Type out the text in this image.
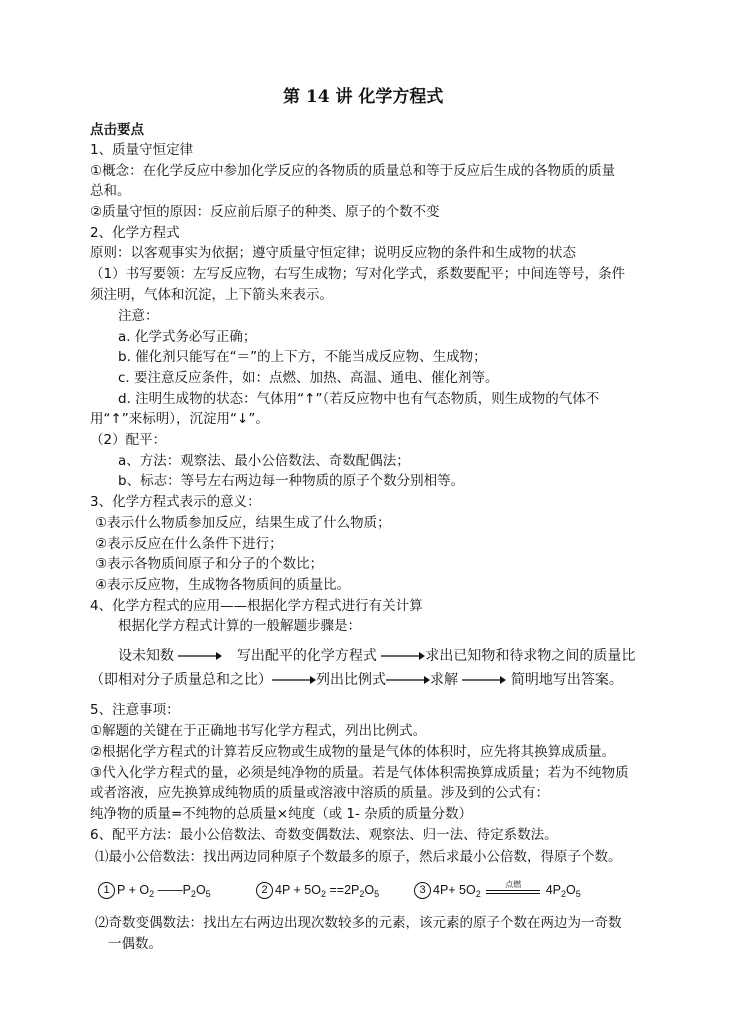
第 14 讲 化学方程式
点击要点
1、质量守恒定律
①概念：在化学反应中参加化学反应的各物质的质量总和等于反应后生成的各物质的质量
总和。
②质量守恒的原因：反应前后原子的种类、原子的个数不变
2、化学方程式
原则：以客观事实为依据；遵守质量守恒定律；说明反应物的条件和生成物的状态
（1）书写要领：左写反应物，右写生成物；写对化学式，系数要配平；中间连等号，条件
须注明，气体和沉淀，上下箭头来表示。
注意：
a. 化学式务必写正确；
b. 催化剂只能写在“＝”的上下方，不能当成反应物、生成物；
c. 要注意反应条件，如：点燃、加热、高温、通电、催化剂等。
d. 注明生成物的状态：气体用“↑”（若反应物中也有气态物质，则生成物的气体不
用“↑”来标明），沉淀用“↓”。
（2）配平：
a、方法：观察法、最小公倍数法、奇数配偶法；
b、标志：等号左右两边每一种物质的原子个数分别相等。
3、化学方程式表示的意义：
①表示什么物质参加反应，结果生成了什么物质；
②表示反应在什么条件下进行；
③表示各物质间原子和分子的个数比；
④表示反应物，生成物各物质间的质量比。
4、化学方程式的应用——根据化学方程式进行有关计算
根据化学方程式计算的一般解题步骤是：
设未知数	写出配平的化学方程式	求出已知物和待求物之间的质量比
（即相对分子质量总和之比）	列出比例式	求解	简明地写出答案。
5、注意事项：
①解题的关键在于正确地书写化学方程式，列出比例式。
②根据化学方程式的计算若反应物或生成物的量是气体的体积时，应先将其换算成质量。
③代入化学方程式的量，必须是纯净物的质量。若是气体体积需换算成质量；若为不纯物质
或者溶液，应先换算成纯物质的质量或溶液中溶质的质量。涉及到的公式有：
纯净物的质量=不纯物的总质量×纯度（或 1- 杂质的质量分数）
6、配平方法：最小公倍数法、奇数变偶数法、观察法、归一法、待定系数法。
⑴最小公倍数法：找出两边同种原子个数最多的原子，然后求最小公倍数，得原子个数。
1 $P + O_2$ $——P_2O_5$	2 $4P + 5O_2 ==2P_2O_5$	3 $4P+ 5O_2$
点燃	$4P_2O_5$
⑵奇数变偶数法：找出左右两边出现次数较多的元素，该元素的原子个数在两边为一奇数
一偶数。
